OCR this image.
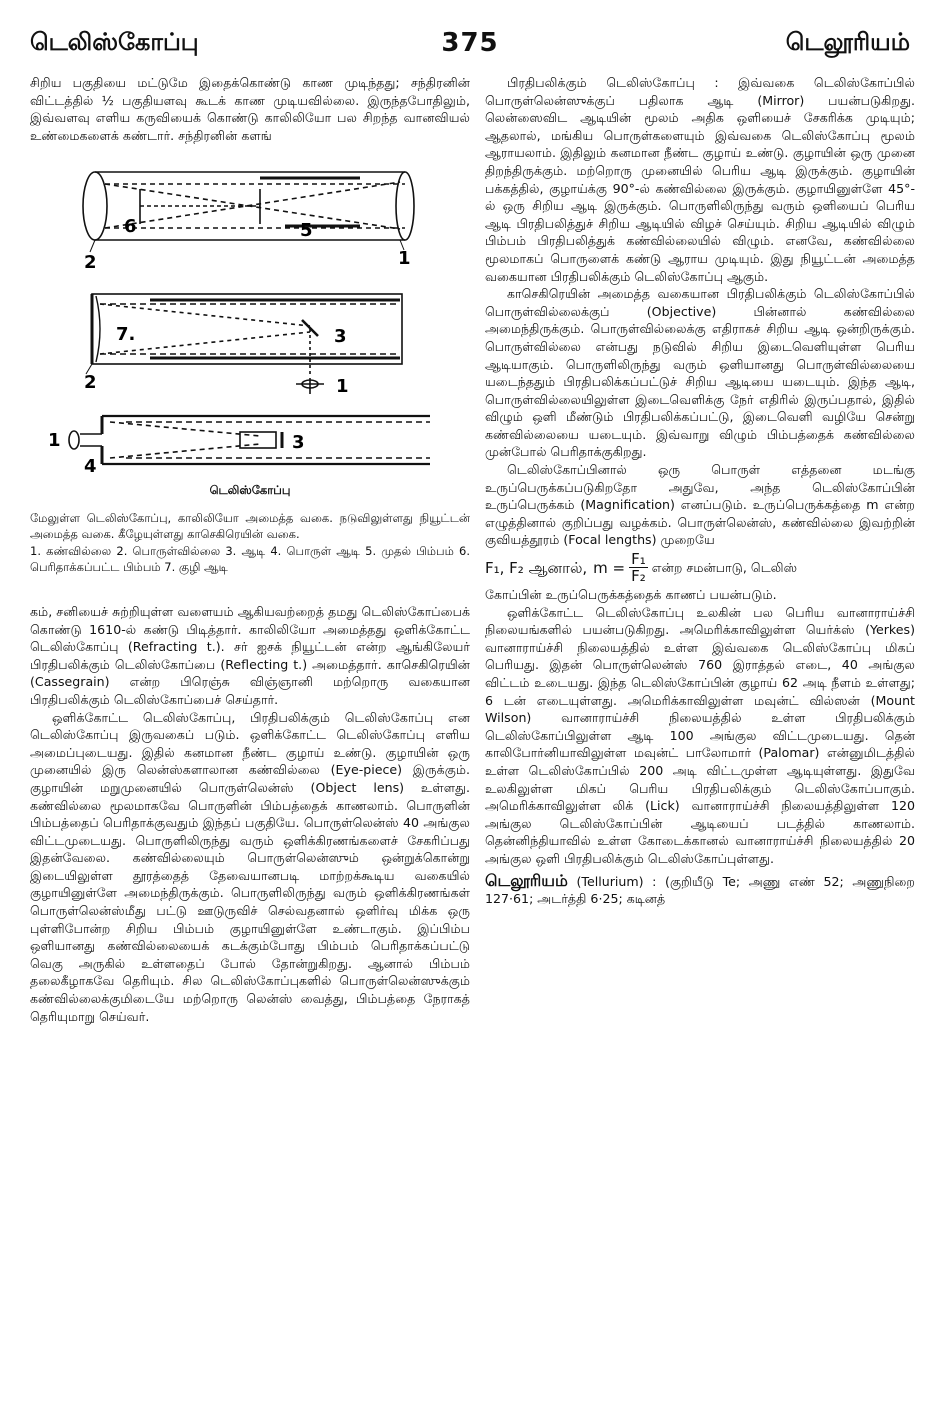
டெலிஸ்கோப்பு	375	டெலூரியம்

சிறிய பகுதியை மட்டுமே இதைக்கொண்டு காண முடிந்தது; சந்திரனின் விட்டத்தில் ½ பகுதியளவு கூடக் காண முடியவில்லை. இருந்தபோதிலும், இவ்வளவு எளிய கருவியைக் கொண்டு காலிலியோ பல சிறந்த வானவியல் உண்மைகளைக் கண்டார். சந்திரனின் களங்

6	5
1
2
7.	3
2	1
1	3
4
டெலிஸ்கோப்பு
மேலுள்ள டெலிஸ்கோப்பு, காலிலியோ அமைத்த வகை. நடுவிலுள்ளது நியூட்டன் அமைத்த வகை. கீழேயுள்ளது காசெகிரெயின் வகை.
1. கண்வில்லை 2. பொருள்வில்லை 3. ஆடி 4. பொருள் ஆடி 5. முதல் பிம்பம் 6. பெரிதாக்கப்பட்ட பிம்பம் 7. குழி ஆடி

கம், சனியைச் சுற்றியுள்ள வளையம் ஆகியவற்றைத் தமது டெலிஸ்கோப்பைக் கொண்டு 1610-ல் கண்டு பிடித்தார். காலிலியோ அமைத்தது ஒளிக்கோட்ட டெலிஸ்கோப்பு (Refracting t.). சர் ஐசக் நியூட்டன் என்ற ஆங்கிலேயர் பிரதிபலிக்கும் டெலிஸ்கோப்பை (Reflecting t.) அமைத்தார். காசெகிரெயின் (Cassegrain) என்ற பிரெஞ்சு விஞ்ஞானி மற்றொரு வகையான பிரதிபலிக்கும் டெலிஸ்கோப்பைச் செய்தார்.

ஒளிக்கோட்ட டெலிஸ்கோப்பு, பிரதிபலிக்கும் டெலிஸ்கோப்பு என டெலிஸ்கோப்பு இருவகைப் படும். ஒளிக்கோட்ட டெலிஸ்கோப்பு எளிய அமைப்புடையது. இதில் கனமான நீண்ட குழாய் உண்டு. குழாயின் ஒரு முனையில் இரு லென்ஸ்களாலான கண்வில்லை (Eye-piece) இருக்கும். குழாயின் மறுமுனையில் பொருள்லென்ஸ் (Object lens) உள்ளது. கண்வில்லை மூலமாகவே பொருளின் பிம்பத்தைக் காணலாம். பொருளின் பிம்பத்தைப் பெரிதாக்குவதும் இந்தப் பகுதியே. பொருள்லென்ஸ் 40 அங்குல விட்டமுடையது. பொருளிலிருந்து வரும் ஒளிக்கிரணங்களைச் சேகரிப்பது இதன்வேலை. கண்வில்லையும் பொருள்லென்ஸும் ஒன்றுக்கொன்று இடையிலுள்ள தூரத்தைத் தேவையானபடி மாற்றக்கூடிய வகையில் குழாயினுள்ளே அமைந்திருக்கும். பொருளிலிருந்து வரும் ஒளிக்கிரணங்கள் பொருள்லென்ஸ்மீது பட்டு ஊடுருவிச் செல்வதனால் ஒளிர்வு மிக்க ஒரு புள்ளிபோன்ற சிறிய பிம்பம் குழாயினுள்ளே உண்டாகும். இப்பிம்ப ஒளியானது கண்வில்லையைக் கடக்கும்போது பிம்பம் பெரிதாக்கப்பட்டு வெகு அருகில் உள்ளதைப் போல் தோன்றுகிறது. ஆனால் பிம்பம் தலைகீழாகவே தெரியும். சில டெலிஸ்கோப்புகளில் பொருள்லென்ஸுக்கும் கண்வில்லைக்குமிடையே மற்றொரு லென்ஸ் வைத்து, பிம்பத்தை நேராகத் தெரியுமாறு செய்வர்.

பிரதிபலிக்கும் டெலிஸ்கோப்பு : இவ்வகை டெலிஸ்கோப்பில் பொருள்லென்ஸுக்குப் பதிலாக ஆடி (Mirror) பயன்படுகிறது. லென்ஸைவிட ஆடியின் மூலம் அதிக ஒளியைச் சேகரிக்க முடியும்; ஆதலால், மங்கிய பொருள்களையும் இவ்வகை டெலிஸ்கோப்பு மூலம் ஆராயலாம். இதிலும் கனமான நீண்ட குழாய் உண்டு. குழாயின் ஒரு முனை திறந்திருக்கும். மற்றொரு முனையில் பெரிய ஆடி இருக்கும். குழாயின் பக்கத்தில், குழாய்க்கு 90°-ல் கண்வில்லை இருக்கும். குழாயினுள்ளே 45°-ல் ஒரு சிறிய ஆடி இருக்கும். பொருளிலிருந்து வரும் ஒளியைப் பெரிய ஆடி பிரதிபலித்துச் சிறிய ஆடியில் விழச் செய்யும். சிறிய ஆடியில் விழும் பிம்பம் பிரதிபலித்துக் கண்வில்லையில் விழும். எனவே, கண்வில்லை மூலமாகப் பொருளைக் கண்டு ஆராய முடியும். இது நியூட்டன் அமைத்த வகையான பிரதிபலிக்கும் டெலிஸ்கோப்பு ஆகும்.

காசெகிரெயின் அமைத்த வகையான பிரதிபலிக்கும் டெலிஸ்கோப்பில் பொருள்வில்லைக்குப் (Objective) பின்னால் கண்வில்லை அமைந்திருக்கும். பொருள்வில்லைக்கு எதிராகச் சிறிய ஆடி ஒன்றிருக்கும். பொருள்வில்லை என்பது நடுவில் சிறிய இடைவெளியுள்ள பெரிய ஆடியாகும். பொருளிலிருந்து வரும் ஒளியானது பொருள்வில்லையை யடைந்ததும் பிரதிபலிக்கப்பட்டுச் சிறிய ஆடியை யடையும். இந்த ஆடி, பொருள்வில்லையிலுள்ள இடைவெளிக்கு நேர் எதிரில் இருப்பதால், இதில் விழும் ஒளி மீண்டும் பிரதிபலிக்கப்பட்டு, இடைவெளி வழியே சென்று கண்வில்லையை யடையும். இவ்வாறு விழும் பிம்பத்தைக் கண்வில்லை முன்போல் பெரிதாக்குகிறது.

டெலிஸ்கோப்பினால் ஒரு பொருள் எத்தனை மடங்கு உருப்பெருக்கப்படுகிறதோ அதுவே, அந்த டெலிஸ்கோப்பின் உருப்பெருக்கம் (Magnification) எனப்படும். உருப்பெருக்கத்தை m என்ற எழுத்தினால் குறிப்பது வழக்கம். பொருள்லென்ஸ், கண்வில்லை இவற்றின் குவியத்தூரம் (Focal lengths) முறையே

F₁, F₂ ஆனால், $m = \frac{\text{F₁}}{\text{F₂}}$ என்ற சமன்பாடு, டெலிஸ்

கோப்பின் உருப்பெருக்கத்தைக் காணப் பயன்படும்.

ஒளிக்கோட்ட டெலிஸ்கோப்பு உலகின் பல பெரிய வானாராய்ச்சி நிலையங்களில் பயன்படுகிறது. அமெரிக்காவிலுள்ள யெர்க்ஸ் (Yerkes) வானாராய்ச்சி நிலையத்தில் உள்ள இவ்வகை டெலிஸ்கோப்பு மிகப் பெரியது. இதன் பொருள்லென்ஸ் 760 இராத்தல் எடை, 40 அங்குல விட்டம் உடையது. இந்த டெலிஸ்கோப்பின் குழாய் 62 அடி நீளம் உள்ளது; 6 டன் எடையுள்ளது. அமெரிக்காவிலுள்ள மவுன்ட் வில்ஸன் (Mount Wilson) வானாராய்ச்சி நிலையத்தில் உள்ள பிரதிபலிக்கும் டெலிஸ்கோப்பிலுள்ள ஆடி 100 அங்குல விட்டமுடையது. தென் காலிபோர்னியாவிலுள்ள மவுன்ட் பாலோமார் (Palomar) என்னுமிடத்தில் உள்ள டெலிஸ்கோப்பில் 200 அடி விட்டமுள்ள ஆடியுள்ளது. இதுவே உலகிலுள்ள மிகப் பெரிய பிரதிபலிக்கும் டெலிஸ்கோப்பாகும். அமெரிக்காவிலுள்ள லிக் (Lick) வானாராய்ச்சி நிலையத்திலுள்ள 120 அங்குல டெலிஸ்கோப்பின் ஆடியைப் படத்தில் காணலாம். தென்னிந்தியாவில் உள்ள கோடைக்கானல் வானாராய்ச்சி நிலையத்தில் 20 அங்குல ஒளி பிரதிபலிக்கும் டெலிஸ்கோப்புள்ளது.

டெலூரியம் (Tellurium) : (குறியீடு Te; அணு எண் 52; அணுநிறை 127·61; அடர்த்தி 6·25; கடினத்
